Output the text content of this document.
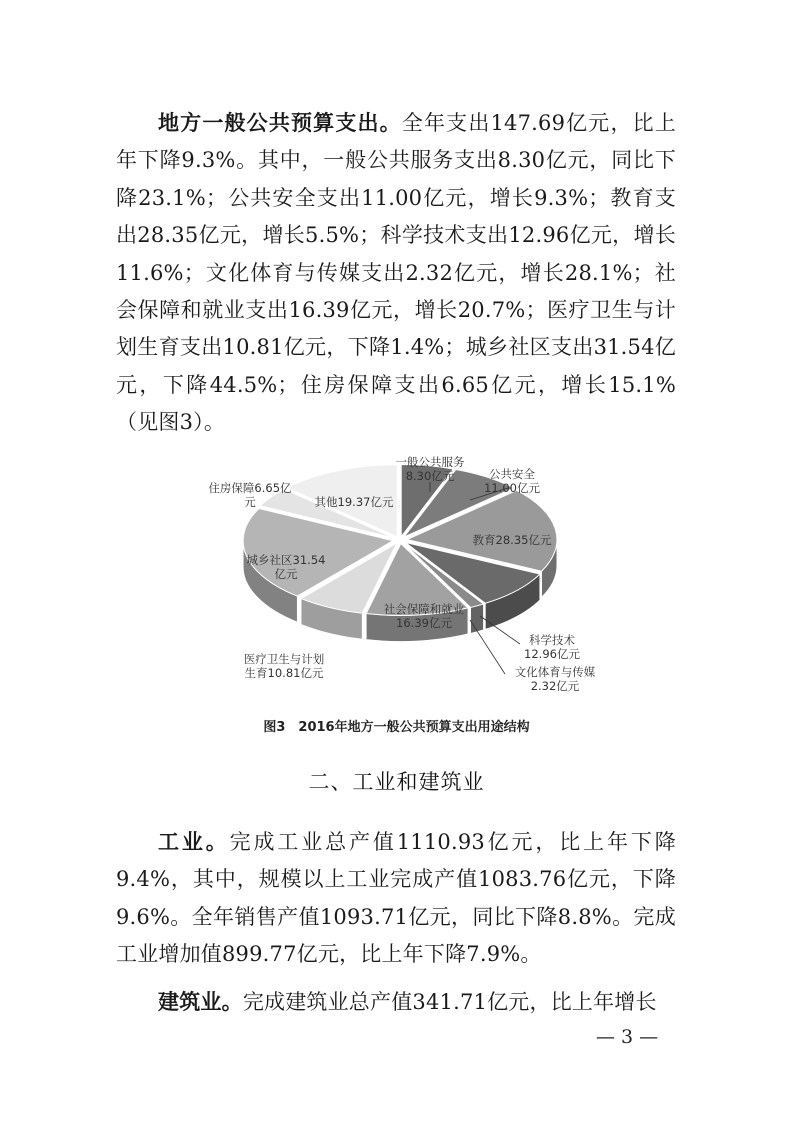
地方一般公共预算支出。全年支出147.69亿元，比上年下降9.3%。其中，一般公共服务支出8.30亿元，同比下降23.1%；公共安全支出11.00亿元，增长9.3%；教育支出28.35亿元，增长5.5%；科学技术支出12.96亿元，增长11.6%；文化体育与传媒支出2.32亿元，增长28.1%；社会保障和就业支出16.39亿元，增长20.7%；医疗卫生与计划生育支出10.81亿元，下降1.4%；城乡社区支出31.54亿元，下降44.5%；住房保障支出6.65亿元，增长15.1%（见图3）。

一般公共服务 8.30亿元	公共安全 11.00亿元
教育28.35亿元
科学技术 12.96亿元
文化体育与传媒 2.32亿元
社会保障和就业 16.39亿元
医疗卫生与计划生育10.81亿元
城乡社区31.54 亿元
住房保障6.65亿元	其他19.37亿元
图3　2016年地方一般公共预算支出用途结构
二、工业和建筑业

工业。完成工业总产值1110.93亿元，比上年下降9.4%，其中，规模以上工业完成产值1083.76亿元，下降9.6%。全年销售产值1093.71亿元，同比下降8.8%。完成工业增加值899.77亿元，比上年下降7.9%。

建筑业。完成建筑业总产值341.71亿元，比上年增长

— 3 —
